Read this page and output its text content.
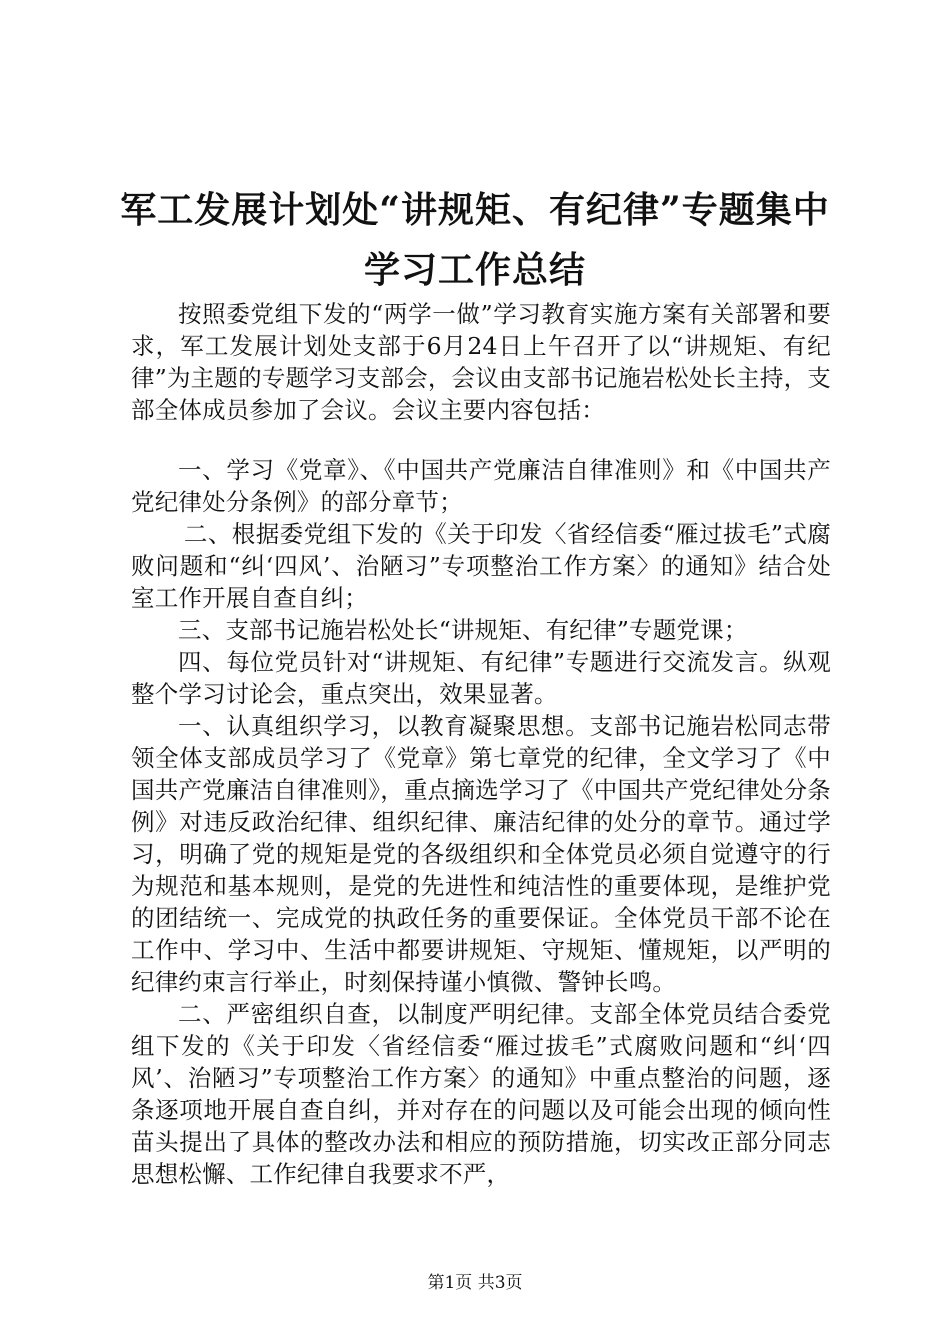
军工发展计划处“讲规矩、有纪律”专题集中
学习工作总结

按照委党组下发的“两学一做”学习教育实施方案有关部署和要求，军工发展计划处支部于6月24日上午召开了以“讲规矩、有纪律”为主题的专题学习支部会，会议由支部书记施岩松处长主持，支部全体成员参加了会议。会议主要内容包括：

一、学习《党章》、《中国共产党廉洁自律准则》和《中国共产党纪律处分条例》的部分章节；

二、根据委党组下发的《关于印发〈省经信委“雁过拔毛”式腐败问题和“纠‘四风’、治陋习”专项整治工作方案〉的通知》结合处室工作开展自查自纠；

三、支部书记施岩松处长“讲规矩、有纪律”专题党课；

四、每位党员针对“讲规矩、有纪律”专题进行交流发言。纵观整个学习讨论会，重点突出，效果显著。

一、认真组织学习，以教育凝聚思想。支部书记施岩松同志带领全体支部成员学习了《党章》第七章党的纪律，全文学习了《中国共产党廉洁自律准则》，重点摘选学习了《中国共产党纪律处分条例》对违反政治纪律、组织纪律、廉洁纪律的处分的章节。通过学习，明确了党的规矩是党的各级组织和全体党员必须自觉遵守的行为规范和基本规则，是党的先进性和纯洁性的重要体现，是维护党的团结统一、完成党的执政任务的重要保证。全体党员干部不论在工作中、学习中、生活中都要讲规矩、守规矩、懂规矩，以严明的纪律约束言行举止，时刻保持谨小慎微、警钟长鸣。

二、严密组织自查，以制度严明纪律。支部全体党员结合委党组下发的《关于印发〈省经信委“雁过拔毛”式腐败问题和“纠‘四风’、治陋习”专项整治工作方案〉的通知》中重点整治的问题，逐条逐项地开展自查自纠，并对存在的问题以及可能会出现的倾向性苗头提出了具体的整改办法和相应的预防措施，切实改正部分同志思想松懈、工作纪律自我要求不严，

第1页 共3页
